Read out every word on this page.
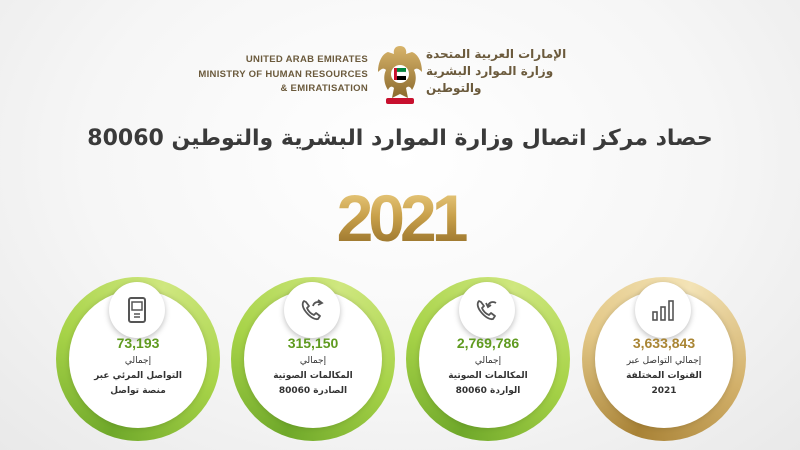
UNITED ARAB EMIRATES
MINISTRY OF HUMAN RESOURCES
& EMIRATISATION
الإمارات العربية المتحدة
وزارة الموارد البشرية
والتوطين
حصاد مركز اتصال وزارة الموارد البشرية والتوطين 80060
2021
73,193
إجمالي
التواصل المرئي عبر
منصة تواصل
315,150
إجمالي
المكالمات الصوتية
الصادرة 80060
2,769,786
إجمالي
المكالمات الصوتية
الواردة 80060
3,633,843
إجمالي التواصل عبر
القنوات المختلفة
2021
